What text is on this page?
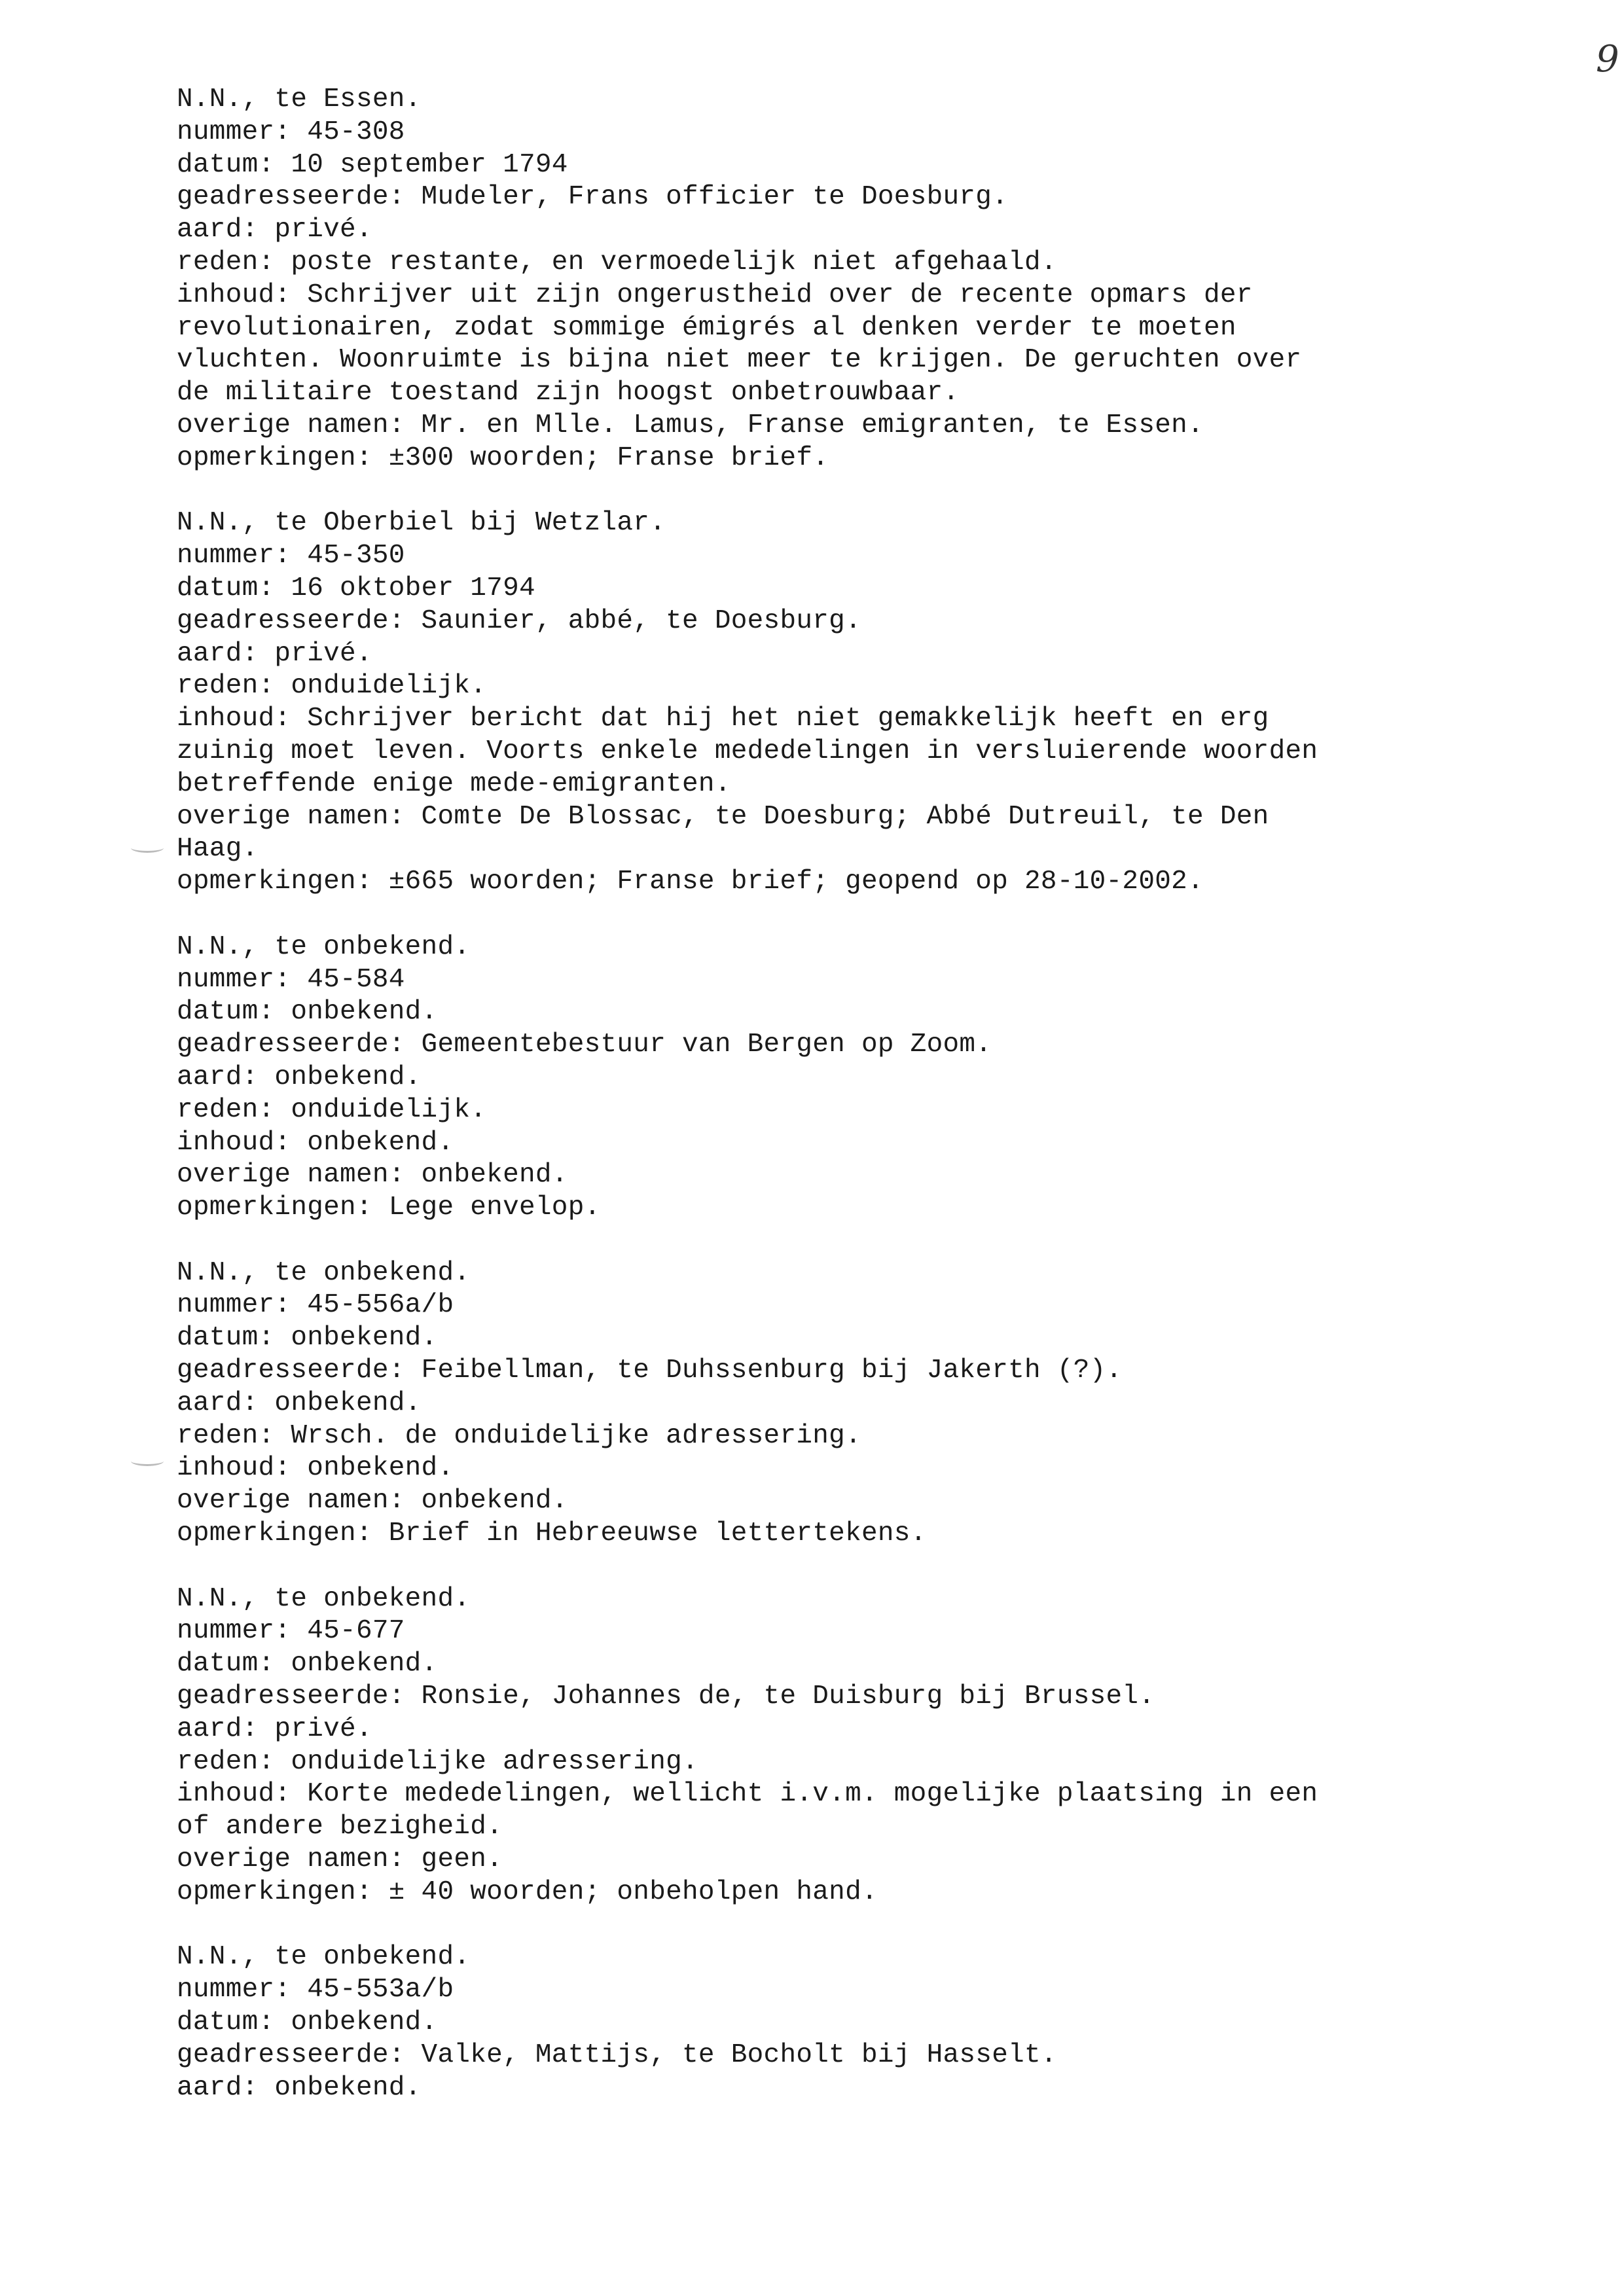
9
N.N., te Essen.
nummer: 45-308
datum: 10 september 1794
geadresseerde: Mudeler, Frans officier te Doesburg.
aard: privé.
reden: poste restante, en vermoedelijk niet afgehaald.
inhoud: Schrijver uit zijn ongerustheid over de recente opmars der
revolutionairen, zodat sommige émigrés al denken verder te moeten
vluchten. Woonruimte is bijna niet meer te krijgen. De geruchten over
de militaire toestand zijn hoogst onbetrouwbaar.
overige namen: Mr. en Mlle. Lamus, Franse emigranten, te Essen.
opmerkingen: ±300 woorden; Franse brief.
N.N., te Oberbiel bij Wetzlar.
nummer: 45-350
datum: 16 oktober 1794
geadresseerde: Saunier, abbé, te Doesburg.
aard: privé.
reden: onduidelijk.
inhoud: Schrijver bericht dat hij het niet gemakkelijk heeft en erg
zuinig moet leven. Voorts enkele mededelingen in versluierende woorden
betreffende enige mede-emigranten.
overige namen: Comte De Blossac, te Doesburg; Abbé Dutreuil, te Den
Haag.
opmerkingen: ±665 woorden; Franse brief; geopend op 28-10-2002.
N.N., te onbekend.
nummer: 45-584
datum: onbekend.
geadresseerde: Gemeentebestuur van Bergen op Zoom.
aard: onbekend.
reden: onduidelijk.
inhoud: onbekend.
overige namen: onbekend.
opmerkingen: Lege envelop.
N.N., te onbekend.
nummer: 45-556a/b
datum: onbekend.
geadresseerde: Feibellman, te Duhssenburg bij Jakerth (?).
aard: onbekend.
reden: Wrsch. de onduidelijke adressering.
inhoud: onbekend.
overige namen: onbekend.
opmerkingen: Brief in Hebreeuwse lettertekens.
N.N., te onbekend.
nummer: 45-677
datum: onbekend.
geadresseerde: Ronsie, Johannes de, te Duisburg bij Brussel.
aard: privé.
reden: onduidelijke adressering.
inhoud: Korte mededelingen, wellicht i.v.m. mogelijke plaatsing in een
of andere bezigheid.
overige namen: geen.
opmerkingen: ± 40 woorden; onbeholpen hand.
N.N., te onbekend.
nummer: 45-553a/b
datum: onbekend.
geadresseerde: Valke, Mattijs, te Bocholt bij Hasselt.
aard: onbekend.
